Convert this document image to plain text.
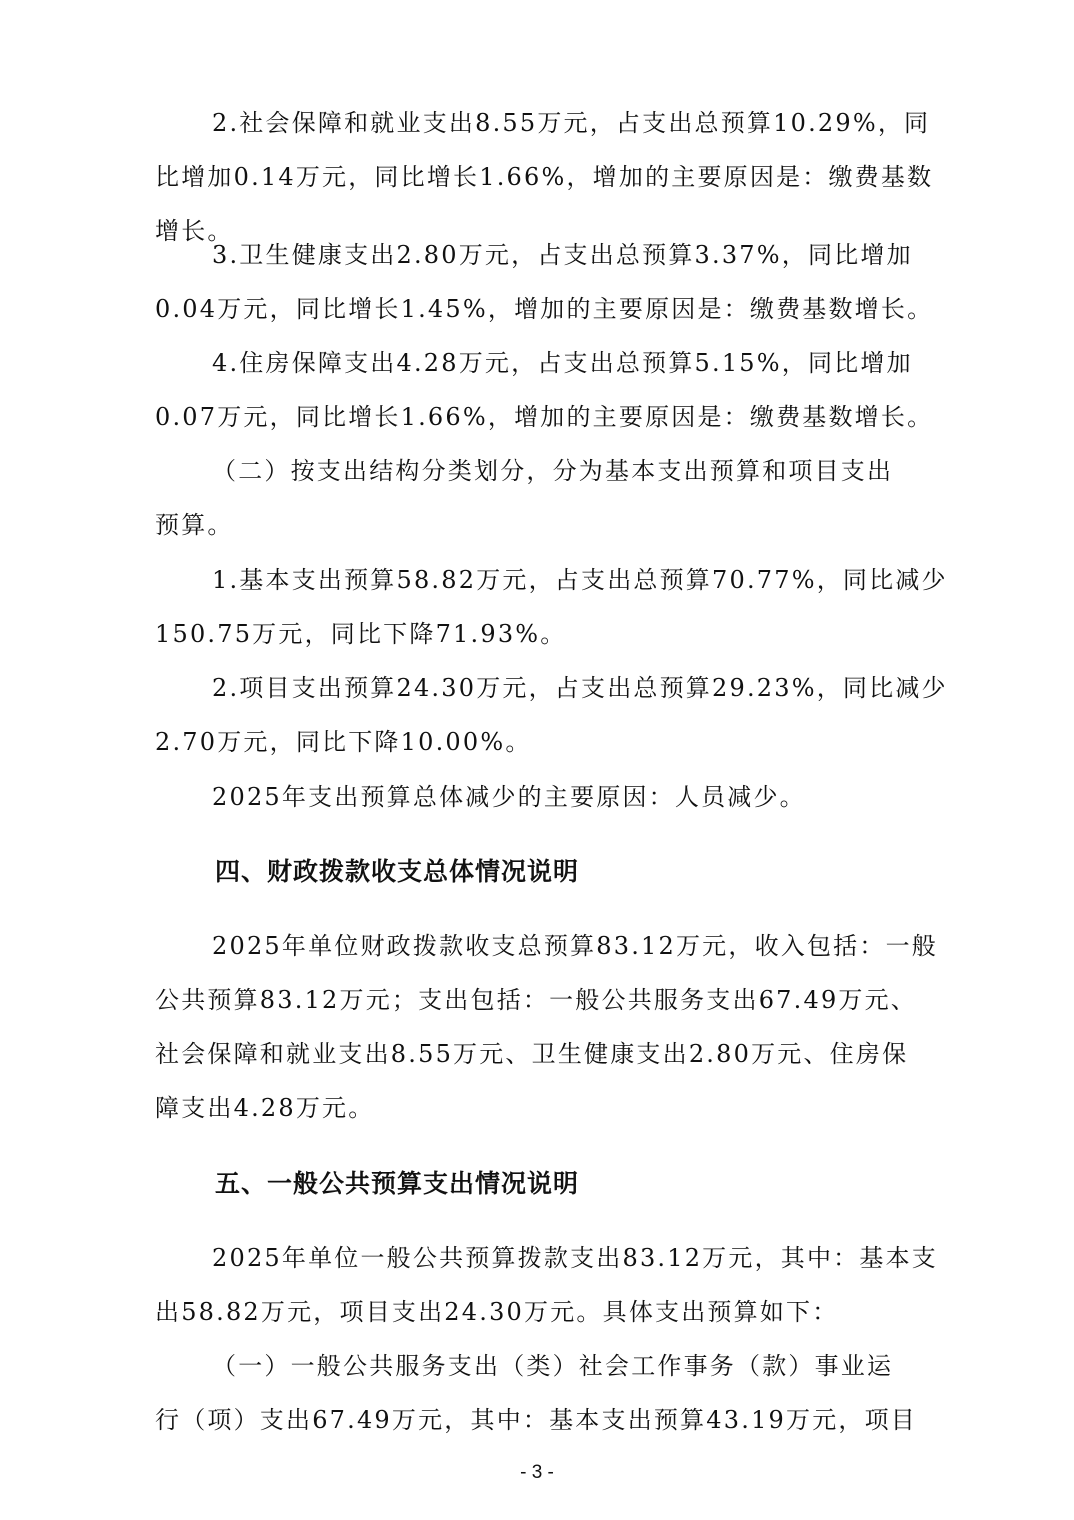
2.社会保障和就业支出8.55万元，占支出总预算10.29%，同
比增加0.14万元，同比增长1.66%，增加的主要原因是：缴费基数
增长。
3.卫生健康支出2.80万元，占支出总预算3.37%，同比增加
0.04万元，同比增长1.45%，增加的主要原因是：缴费基数增长。
4.住房保障支出4.28万元，占支出总预算5.15%，同比增加
0.07万元，同比增长1.66%，增加的主要原因是：缴费基数增长。
（二）按支出结构分类划分，分为基本支出预算和项目支出
预算。
1.基本支出预算58.82万元，占支出总预算70.77%，同比减少
150.75万元，同比下降71.93%。
2.项目支出预算24.30万元，占支出总预算29.23%，同比减少
2.70万元，同比下降10.00%。
2025年支出预算总体减少的主要原因：人员减少。
四、财政拨款收支总体情况说明
2025年单位财政拨款收支总预算83.12万元，收入包括：一般
公共预算83.12万元；支出包括：一般公共服务支出67.49万元、
社会保障和就业支出8.55万元、卫生健康支出2.80万元、住房保
障支出4.28万元。
五、一般公共预算支出情况说明
2025年单位一般公共预算拨款支出83.12万元，其中：基本支
出58.82万元，项目支出24.30万元。具体支出预算如下：
（一）一般公共服务支出（类）社会工作事务（款）事业运
行（项）支出67.49万元，其中：基本支出预算43.19万元，项目
- 3 -
